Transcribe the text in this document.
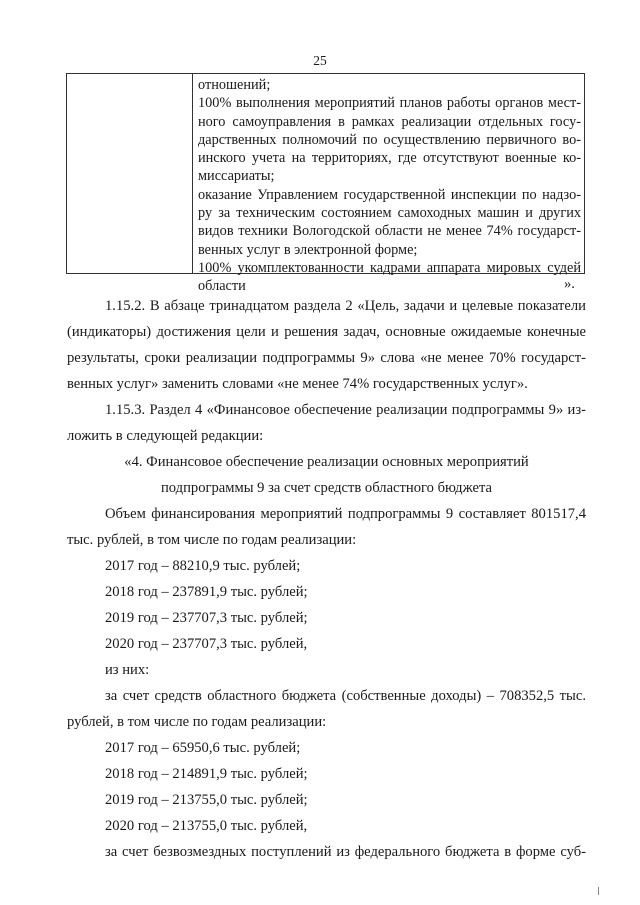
25
отношений;
100% выполнения мероприятий планов работы органов мест-
ного самоуправления в рамках реализации отдельных госу-
дарственных полномочий по осуществлению первичного во-
инского учета на территориях, где отсутствуют военные ко-
миссариаты;
оказание Управлением государственной инспекции по надзо-
ру за техническим состоянием самоходных машин и других
видов техники Вологодской области не менее 74% государст-
венных услуг в электронной форме;
100% укомплектованности кадрами аппарата мировых судей
области	».
1.15.2. В абзаце тринадцатом раздела 2 «Цель, задачи и целевые показатели
(индикаторы) достижения цели и решения задач, основные ожидаемые конечные
результаты, сроки реализации подпрограммы 9» слова «не менее 70% государст-
венных услуг» заменить словами «не менее 74% государственных услуг».
1.15.3. Раздел 4 «Финансовое обеспечение реализации подпрограммы 9» из-
ложить в следующей редакции:
«4. Финансовое обеспечение реализации основных мероприятий
подпрограммы 9 за счет средств областного бюджета
Объем финансирования мероприятий подпрограммы 9 составляет 801517,4
тыс. рублей, в том числе по годам реализации:
2017 год – 88210,9 тыс. рублей;
2018 год – 237891,9 тыс. рублей;
2019 год – 237707,3 тыс. рублей;
2020 год – 237707,3 тыс. рублей,
из них:
за счет средств областного бюджета (собственные доходы) – 708352,5 тыс.
рублей, в том числе по годам реализации:
2017 год – 65950,6 тыс. рублей;
2018 год – 214891,9 тыс. рублей;
2019 год – 213755,0 тыс. рублей;
2020 год – 213755,0 тыс. рублей,
за счет безвозмездных поступлений из федерального бюджета в форме суб-
